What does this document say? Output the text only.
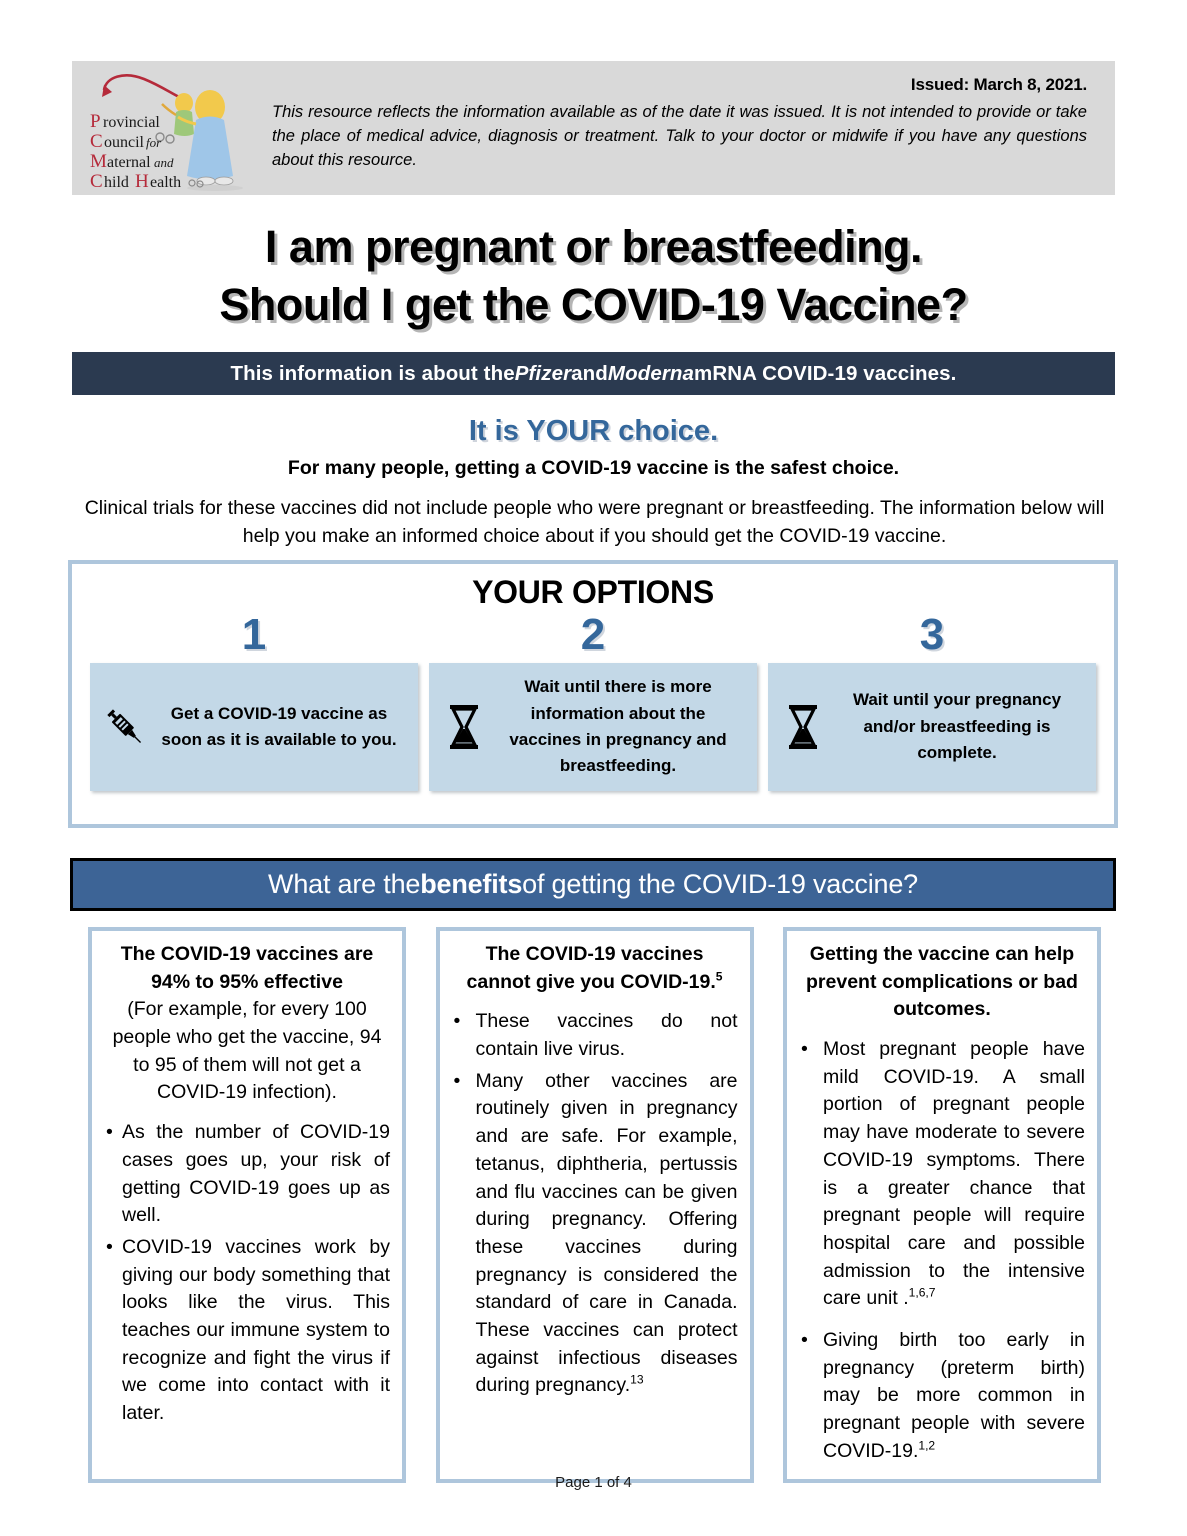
P rovincial
C ouncil for
M aternal and
C hild H ealth
Issued: March 8, 2021.
This resource reflects the information available as of the date it was issued. It is not intended to provide or take the place of medical advice, diagnosis or treatment. Talk to your doctor or midwife if you have any questions about this resource.
I am pregnant or breastfeeding.
Should I get the COVID-19 Vaccine?
This information is about the Pfizer and Moderna mRNA COVID-19 vaccines.
It is YOUR choice.
For many people, getting a COVID-19 vaccine is the safest choice.
Clinical trials for these vaccines did not include people who were pregnant or breastfeeding. The information below will help you make an informed choice about if you should get the COVID-19 vaccine.
YOUR OPTIONS
1
Get a COVID-19 vaccine as soon as it is available to you.
2
Wait until there is more information about the vaccines in pregnancy and breastfeeding.
3
Wait until your pregnancy and/or breastfeeding is complete.
What are the benefits of getting the COVID-19 vaccine?
The COVID-19 vaccines are 94% to 95% effective
(For example, for every 100 people who get the vaccine, 94 to 95 of them will not get a COVID-19 infection).
• As the number of COVID-19 cases goes up, your risk of getting COVID-19 goes up as well.
• COVID-19 vaccines work by giving our body something that looks like the virus. This teaches our immune system to recognize and fight the virus if we come into contact with it later.
The COVID-19 vaccines cannot give you COVID-19.$^5$
• These vaccines do not contain live virus.
• Many other vaccines are routinely given in pregnancy and are safe. For example, tetanus, diphtheria, pertussis and flu vaccines can be given during pregnancy. Offering these vaccines during pregnancy is considered the standard of care in Canada. These vaccines can protect against infectious diseases during pregnancy.$^{13}$
Getting the vaccine can help prevent complications or bad outcomes.
• Most pregnant people have mild COVID-19. A small portion of pregnant people may have moderate to severe COVID-19 symptoms. There is a greater chance that pregnant people will require hospital care and possible admission to the intensive care unit .$^{1,6,7}$
• Giving birth too early in pregnancy (preterm birth) may be more common in pregnant people with severe COVID-19.$^{1,2}$
Page 1 of 4
